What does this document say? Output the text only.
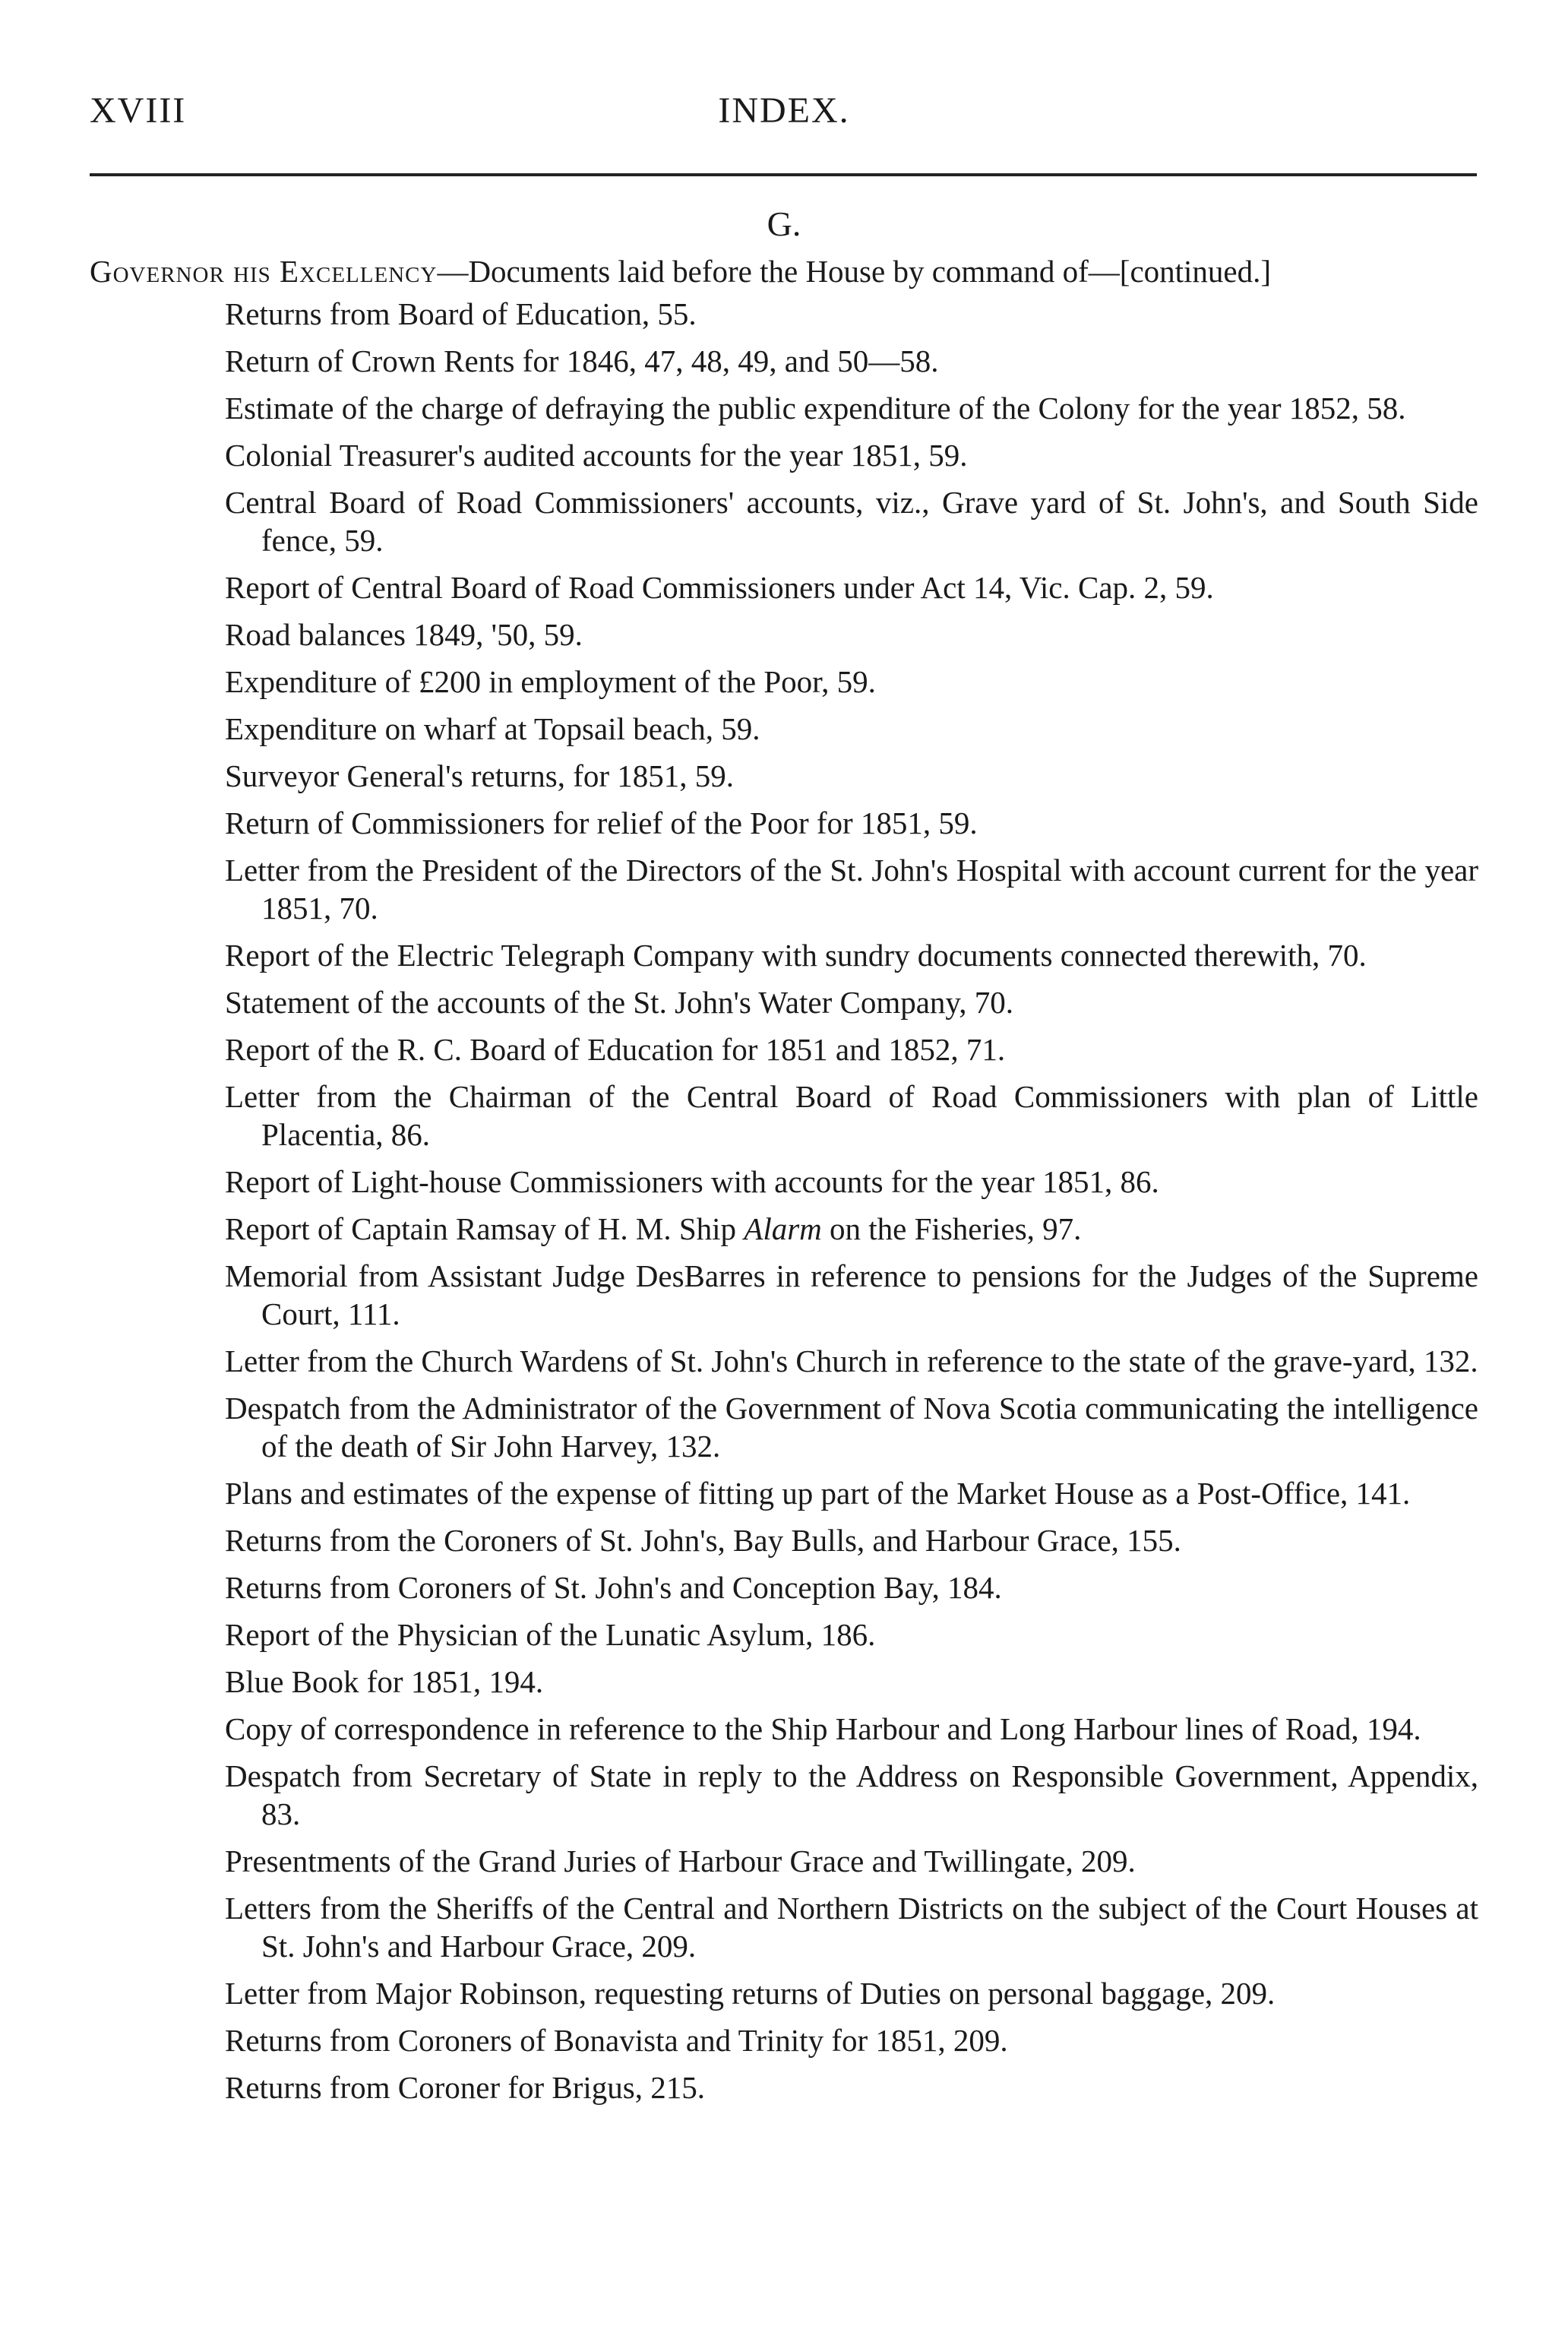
XVIII	INDEX.
G.
Governor his Excellency—Documents laid before the House by command of—[continued.]
Returns from Board of Education, 55.
Return of Crown Rents for 1846, 47, 48, 49, and 50—58.
Estimate of the charge of defraying the public expenditure of the Colony for the year 1852, 58.
Colonial Treasurer's audited accounts for the year 1851, 59.
Central Board of Road Commissioners' accounts, viz., Grave yard of St. John's, and South Side fence, 59.
Report of Central Board of Road Commissioners under Act 14, Vic. Cap. 2, 59.
Road balances 1849, '50, 59.
Expenditure of £200 in employment of the Poor, 59.
Expenditure on wharf at Topsail beach, 59.
Surveyor General's returns, for 1851, 59.
Return of Commissioners for relief of the Poor for 1851, 59.
Letter from the President of the Directors of the St. John's Hospital with account current for the year 1851, 70.
Report of the Electric Telegraph Company with sundry documents connected therewith, 70.
Statement of the accounts of the St. John's Water Company, 70.
Report of the R. C. Board of Education for 1851 and 1852, 71.
Letter from the Chairman of the Central Board of Road Commissioners with plan of Little Placentia, 86.
Report of Light-house Commissioners with accounts for the year 1851, 86.
Report of Captain Ramsay of H. M. Ship Alarm on the Fisheries, 97.
Memorial from Assistant Judge DesBarres in reference to pensions for the Judges of the Supreme Court, 111.
Letter from the Church Wardens of St. John's Church in reference to the state of the grave-yard, 132.
Despatch from the Administrator of the Government of Nova Scotia communicating the intelligence of the death of Sir John Harvey, 132.
Plans and estimates of the expense of fitting up part of the Market House as a Post-Office, 141.
Returns from the Coroners of St. John's, Bay Bulls, and Harbour Grace, 155.
Returns from Coroners of St. John's and Conception Bay, 184.
Report of the Physician of the Lunatic Asylum, 186.
Blue Book for 1851, 194.
Copy of correspondence in reference to the Ship Harbour and Long Harbour lines of Road, 194.
Despatch from Secretary of State in reply to the Address on Responsible Government, Appendix, 83.
Presentments of the Grand Juries of Harbour Grace and Twillingate, 209.
Letters from the Sheriffs of the Central and Northern Districts on the subject of the Court Houses at St. John's and Harbour Grace, 209.
Letter from Major Robinson, requesting returns of Duties on personal baggage, 209.
Returns from Coroners of Bonavista and Trinity for 1851, 209.
Returns from Coroner for Brigus, 215.
